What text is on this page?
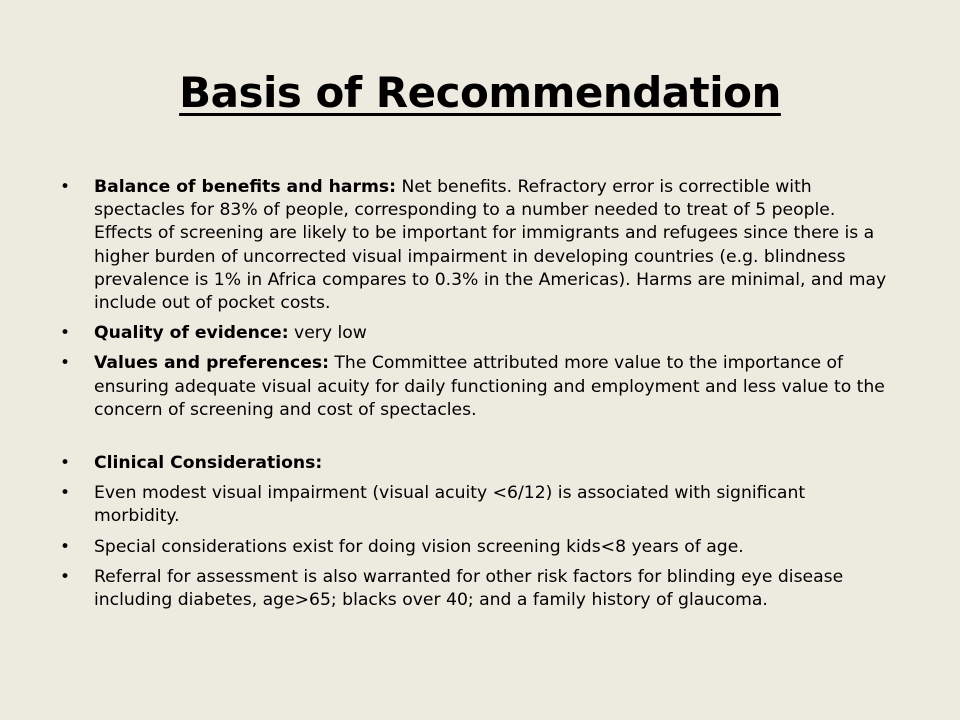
Basis of Recommendation
• Balance of benefits and harms: Net benefits. Refractory error is correctible with spectacles for 83% of people, corresponding to a number needed to treat of 5 people. Effects of screening are likely to be important for immigrants and refugees since there is a higher burden of uncorrected visual impairment in developing countries (e.g. blindness prevalence is 1% in Africa compares to 0.3% in the Americas). Harms are minimal, and may include out of pocket costs.
• Quality of evidence: very low
• Values and preferences: The Committee attributed more value to the importance of ensuring adequate visual acuity for daily functioning and employment and less value to the concern of screening and cost of spectacles.
• Clinical Considerations:
• Even modest visual impairment (visual acuity <6/12) is associated with significant morbidity.
• Special considerations exist for doing vision screening kids<8 years of age.
• Referral for assessment is also warranted for other risk factors for blinding eye disease including diabetes, age>65; blacks over 40; and a family history of glaucoma.
